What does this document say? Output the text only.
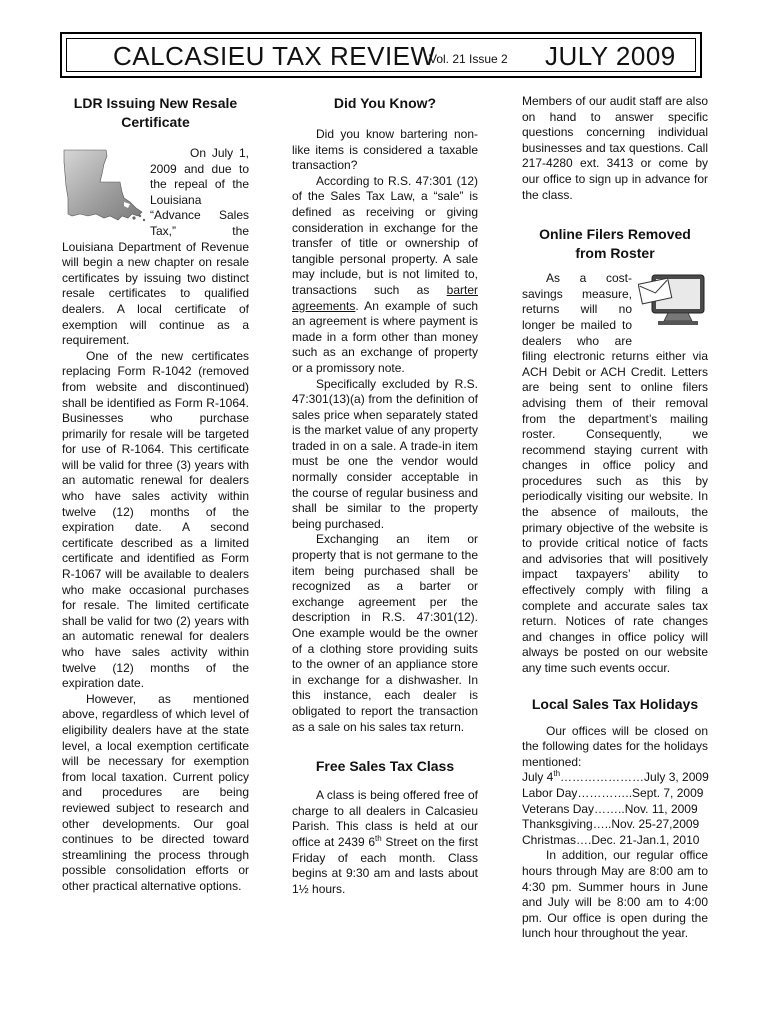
CALCASIEU TAX REVIEW
Vol. 21 Issue 2 JULY 2009
LDR Issuing New Resale Certificate

On July 1, 2009 and due to the repeal of the Louisiana “Advance Sales Tax,” the Louisiana Department of Revenue will begin a new chapter on resale certificates by issuing two distinct resale certificates to qualified dealers. A local certificate of exemption will continue as a requirement.

One of the new certificates replacing Form R-1042 (removed from website and discontinued) shall be identified as Form R-1064. Businesses who purchase primarily for resale will be targeted for use of R-1064. This certificate will be valid for three (3) years with an automatic renewal for dealers who have sales activity within twelve (12) months of the expiration date. A second certificate described as a limited certificate and identified as Form R-1067 will be available to dealers who make occasional purchases for resale. The limited certificate shall be valid for two (2) years with an automatic renewal for dealers who have sales activity within twelve (12) months of the expiration date.

However, as mentioned above, regardless of which level of eligibility dealers have at the state level, a local exemption certificate will be necessary for exemption from local taxation. Current policy and procedures are being reviewed subject to research and other developments. Our goal continues to be directed toward streamlining the process through possible consolidation efforts or other practical alternative options.

Did You Know?

Did you know bartering non-like items is considered a taxable transaction?

According to R.S. 47:301 (12) of the Sales Tax Law, a “sale” is defined as receiving or giving consideration in exchange for the transfer of title or ownership of tangible personal property. A sale may include, but is not limited to, transactions such as barter agreements. An example of such an agreement is where payment is made in a form other than money such as an exchange of property or a promissory note.

Specifically excluded by R.S. 47:301(13)(a) from the definition of sales price when separately stated is the market value of any property traded in on a sale. A trade-in item must be one the vendor would normally consider acceptable in the course of regular business and shall be similar to the property being purchased.

Exchanging an item or property that is not germane to the item being purchased shall be recognized as a barter or exchange agreement per the description in R.S. 47:301(12). One example would be the owner of a clothing store providing suits to the owner of an appliance store in exchange for a dishwasher. In this instance, each dealer is obligated to report the transaction as a sale on his sales tax return.

Free Sales Tax Class

A class is being offered free of charge to all dealers in Calcasieu Parish. This class is held at our office at 2439 6th Street on the first Friday of each month. Class begins at 9:30 am and lasts about 1½ hours.

Members of our audit staff are also on hand to answer specific questions concerning individual businesses and tax questions. Call 217-4280 ext. 3413 or come by our office to sign up in advance for the class.

Online Filers Removed from Roster

As a cost-savings measure, returns will no longer be mailed to dealers who are filing electronic returns either via ACH Debit or ACH Credit. Letters are being sent to online filers advising them of their removal from the department’s mailing roster. Consequently, we recommend staying current with changes in office policy and procedures such as this by periodically visiting our website. In the absence of mailouts, the primary objective of the website is to provide critical notice of facts and advisories that will positively impact taxpayers’ ability to effectively comply with filing a complete and accurate sales tax return. Notices of rate changes and changes in office policy will always be posted on our website any time such events occur.

Local Sales Tax Holidays

Our offices will be closed on the following dates for the holidays mentioned:

July 4th…………………July 3, 2009

Labor Day…………..Sept. 7, 2009

Veterans Day……..Nov. 11, 2009

Thanksgiving…..Nov. 25-27,2009

Christmas….Dec. 21-Jan.1, 2010

In addition, our regular office hours through May are 8:00 am to 4:30 pm. Summer hours in June and July will be 8:00 am to 4:00 pm. Our office is open during the lunch hour throughout the year.
